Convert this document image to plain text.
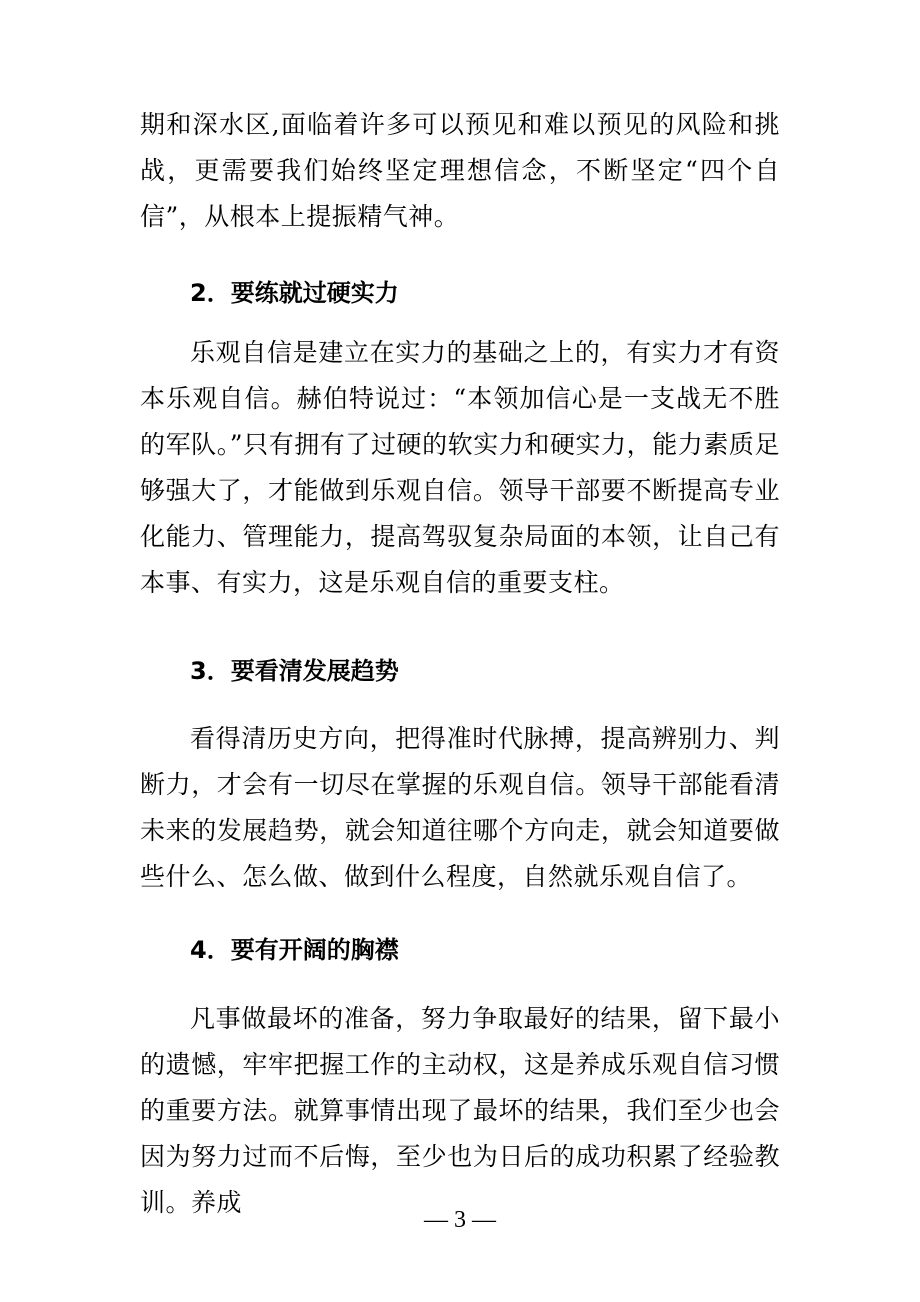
期和深水区,面临着许多可以预见和难以预见的风险和挑战，更需要我们始终坚定理想信念，不断坚定“四个自信”，从根本上提振精气神。

2．要练就过硬实力

乐观自信是建立在实力的基础之上的，有实力才有资本乐观自信。赫伯特说过：“本领加信心是一支战无不胜的军队。”只有拥有了过硬的软实力和硬实力，能力素质足够强大了，才能做到乐观自信。领导干部要不断提高专业化能力、管理能力，提高驾驭复杂局面的本领，让自己有本事、有实力，这是乐观自信的重要支柱。

3．要看清发展趋势

看得清历史方向，把得准时代脉搏，提高辨别力、判断力，才会有一切尽在掌握的乐观自信。领导干部能看清未来的发展趋势，就会知道往哪个方向走，就会知道要做些什么、怎么做、做到什么程度，自然就乐观自信了。

4．要有开阔的胸襟

凡事做最坏的准备，努力争取最好的结果，留下最小的遗憾，牢牢把握工作的主动权，这是养成乐观自信习惯的重要方法。就算事情出现了最坏的结果，我们至少也会因为努力过而不后悔，至少也为日后的成功积累了经验教训。养成

— 3 —
